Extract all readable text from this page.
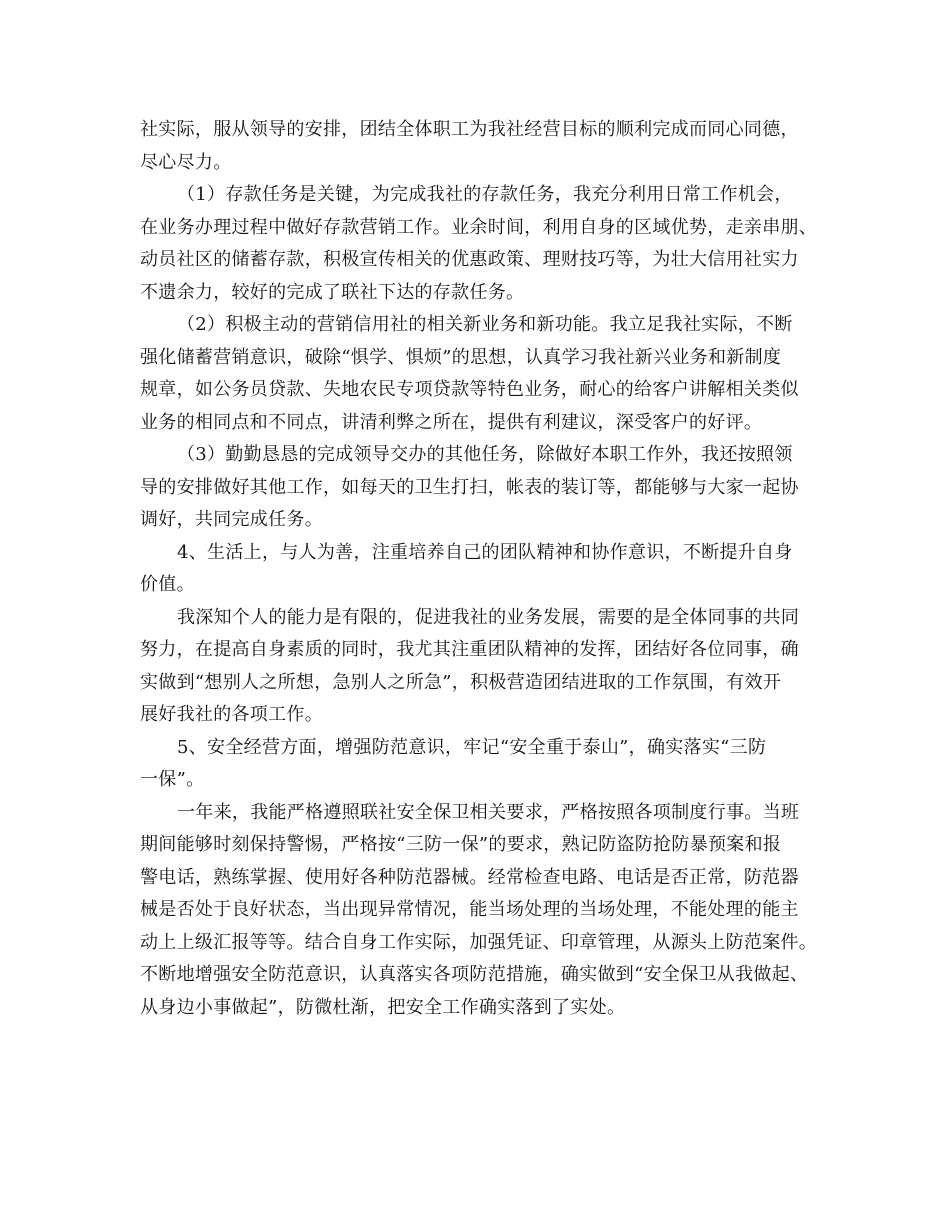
社实际，服从领导的安排，团结全体职工为我社经营目标的顺利完成而同心同德，
尽心尽力。

（1）存款任务是关键，为完成我社的存款任务，我充分利用日常工作机会，
在业务办理过程中做好存款营销工作。业余时间，利用自身的区域优势，走亲串朋、
动员社区的储蓄存款，积极宣传相关的优惠政策、理财技巧等，为壮大信用社实力
不遗余力，较好的完成了联社下达的存款任务。

（2）积极主动的营销信用社的相关新业务和新功能。我立足我社实际，不断
强化储蓄营销意识，破除“惧学、惧烦”的思想，认真学习我社新兴业务和新制度
规章，如公务员贷款、失地农民专项贷款等特色业务，耐心的给客户讲解相关类似
业务的相同点和不同点，讲清利弊之所在，提供有利建议，深受客户的好评。

（3）勤勤恳恳的完成领导交办的其他任务，除做好本职工作外，我还按照领
导的安排做好其他工作，如每天的卫生打扫，帐表的装订等，都能够与大家一起协
调好，共同完成任务。

4、生活上，与人为善，注重培养自己的团队精神和协作意识，不断提升自身
价值。

我深知个人的能力是有限的，促进我社的业务发展，需要的是全体同事的共同
努力，在提高自身素质的同时，我尤其注重团队精神的发挥，团结好各位同事，确
实做到“想别人之所想，急别人之所急”，积极营造团结进取的工作氛围，有效开
展好我社的各项工作。

5、安全经营方面，增强防范意识，牢记“安全重于泰山”，确实落实“三防
一保”。

一年来，我能严格遵照联社安全保卫相关要求，严格按照各项制度行事。当班
期间能够时刻保持警惕，严格按“三防一保”的要求，熟记防盗防抢防暴预案和报
警电话，熟练掌握、使用好各种防范器械。经常检查电路、电话是否正常，防范器
械是否处于良好状态，当出现异常情况，能当场处理的当场处理，不能处理的能主
动上上级汇报等等。结合自身工作实际，加强凭证、印章管理，从源头上防范案件。
不断地增强安全防范意识，认真落实各项防范措施，确实做到“安全保卫从我做起、
从身边小事做起”，防微杜渐，把安全工作确实落到了实处。
